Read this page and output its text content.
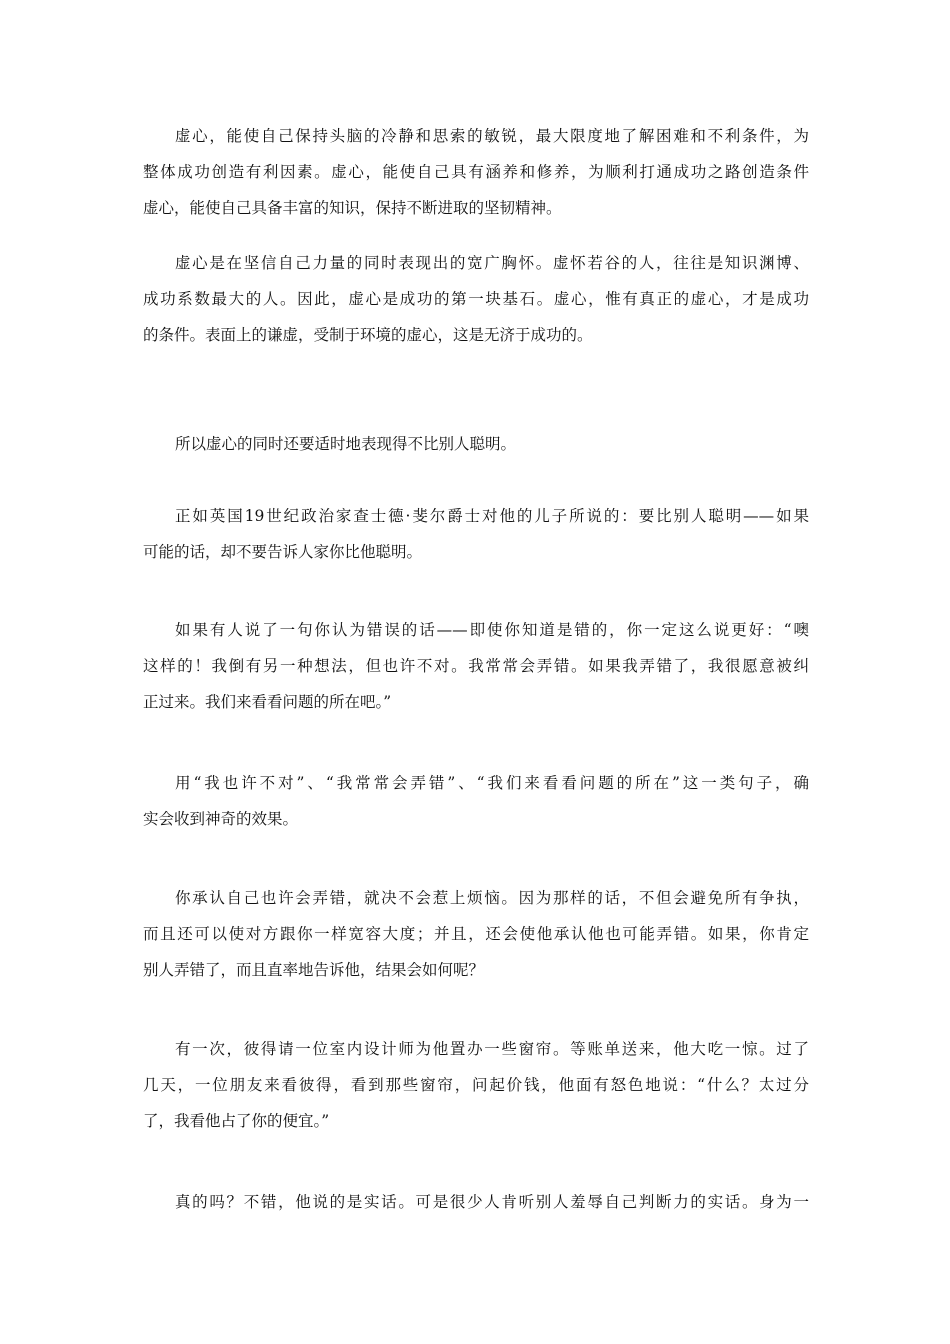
虚心，能使自己保持头脑的冷静和思索的敏锐，最大限度地了解困难和不利条件，为
整体成功创造有利因素。虚心，能使自己具有涵养和修养，为顺利打通成功之路创造条件
虚心，能使自己具备丰富的知识，保持不断进取的坚韧精神。
虚心是在坚信自己力量的同时表现出的宽广胸怀。虚怀若谷的人，往往是知识渊博、
成功系数最大的人。因此，虚心是成功的第一块基石。虚心，惟有真正的虚心，才是成功
的条件。表面上的谦虚，受制于环境的虚心，这是无济于成功的。
所以虚心的同时还要适时地表现得不比别人聪明。
正如英国19世纪政治家查士德·斐尔爵士对他的儿子所说的：要比别人聪明——如果
可能的话，却不要告诉人家你比他聪明。
如果有人说了一句你认为错误的话——即使你知道是错的，你一定这么说更好：“噢
这样的！我倒有另一种想法，但也许不对。我常常会弄错。如果我弄错了，我很愿意被纠
正过来。我们来看看问题的所在吧。”
用“我也许不对”、“我常常会弄错”、“我们来看看问题的所在”这一类句子，确
实会收到神奇的效果。
你承认自己也许会弄错，就决不会惹上烦恼。因为那样的话，不但会避免所有争执，
而且还可以使对方跟你一样宽容大度；并且，还会使他承认他也可能弄错。如果，你肯定
别人弄错了，而且直率地告诉他，结果会如何呢？
有一次，彼得请一位室内设计师为他置办一些窗帘。等账单送来，他大吃一惊。过了
几天，一位朋友来看彼得，看到那些窗帘，问起价钱，他面有怒色地说：“什么？太过分
了，我看他占了你的便宜。”
真的吗？不错，他说的是实话。可是很少人肯听别人羞辱自己判断力的实话。身为一
